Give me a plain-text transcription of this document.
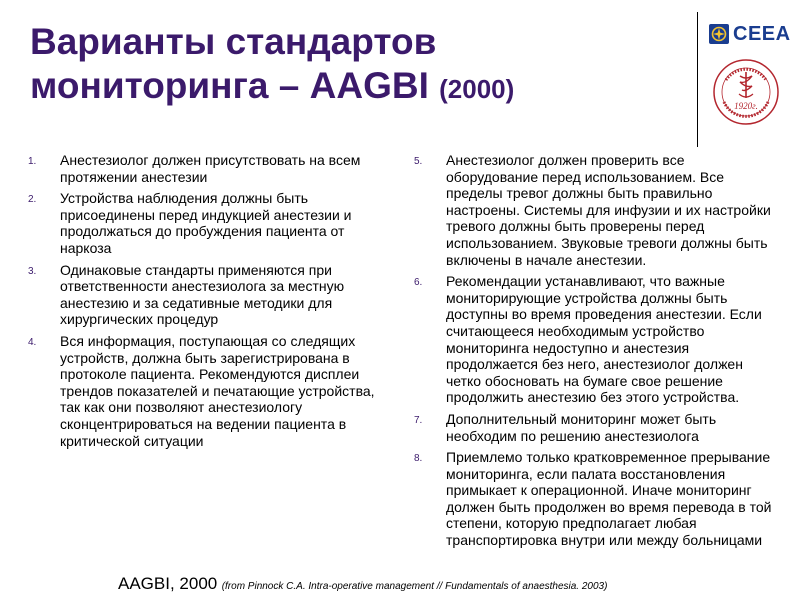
Варианты стандартов
мониторинга – AAGBI (2000)
CEEA
1920г.
1.	Анестезиолог должен присутствовать на всем протяжении анестезии
2.	Устройства наблюдения должны быть присоединены перед индукцией анестезии и продолжаться до пробуждения пациента от наркоза
3.	Одинаковые стандарты применяются при ответственности анестезиолога за местную анестезию и за седативные методики для хирургических процедур
4.	Вся информация, поступающая со следящих устройств, должна быть зарегистрирована в протоколе пациента. Рекомендуются дисплеи трендов показателей и печатающие устройства, так как они позволяют анестезиологу сконцентрироваться на ведении пациента в критической ситуации
5.	Анестезиолог должен проверить все оборудование перед использованием. Все пределы тревог должны быть правильно настроены. Системы для инфузии и их настройки тревого должны быть проверены перед использованием. Звуковые тревоги должны быть включены в начале анестезии.
6.	Рекомендации устанавливают, что важные мониторирующие устройства должны быть доступны во время проведения анестезии. Если считающееся необходимым устройство мониторинга недоступно и анестезия продолжается без него, анестезиолог должен четко обосновать на бумаге свое решение продолжить анестезию без этого устройства.
7.	Дополнительный мониторинг может быть необходим по решению анестезиолога
8.	Приемлемо только кратковременное прерывание мониторинга, если палата восстановления примыкает к операционной. Иначе мониторинг должен быть продолжен во время перевода в той степени, которую предполагает любая транспортировка внутри или между больницами
AAGBI, 2000 (from Pinnock C.A. Intra-operative management // Fundamentals of anaesthesia. 2003)
